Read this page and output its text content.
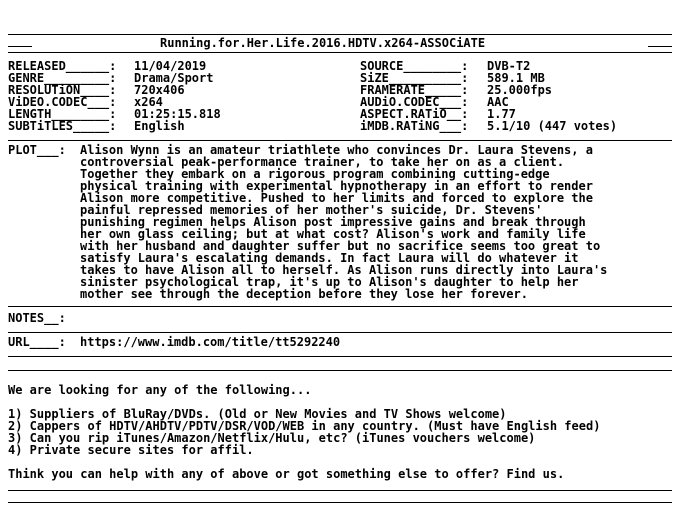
Running.for.Her.Life.2016.HDTV.x264-ASSOCiATE
RELEASED______: 11/04/2019
GENRE_________: Drama/Sport
RESOLUTiON____: 720x406
ViDEO.CODEC___: x264
LENGTH________: 01:25:15.818
SUBTiTLES_____: English
SOURCE________: DVB-T2
SiZE__________: 589.1 MB
FRAMERATE_____: 25.000fps
AUDiO.CODEC___: AAC
ASPECT.RATiO__: 1.77
iMDB.RATiNG___: 5.1/10 (447 votes)
PLOT___: Alison Wynn is an amateur triathlete who convinces Dr. Laura Stevens, a
controversial peak-performance trainer, to take her on as a client.
Together they embark on a rigorous program combining cutting-edge
physical training with experimental hypnotherapy in an effort to render
Alison more competitive. Pushed to her limits and forced to explore the
painful repressed memories of her mother's suicide, Dr. Stevens'
punishing regimen helps Alison post impressive gains and break through
her own glass ceiling; but at what cost? Alison's work and family life
with her husband and daughter suffer but no sacrifice seems too great to
satisfy Laura's escalating demands. In fact Laura will do whatever it
takes to have Alison all to herself. As Alison runs directly into Laura's
sinister psychological trap, it's up to Alison's daughter to help her
mother see through the deception before they lose her forever.
NOTES__:
URL____: https://www.imdb.com/title/tt5292240
We are looking for any of the following...
1) Suppliers of BluRay/DVDs. (Old or New Movies and TV Shows welcome)
2) Cappers of HDTV/AHDTV/PDTV/DSR/VOD/WEB in any country. (Must have English feed)
3) Can you rip iTunes/Amazon/Netflix/Hulu, etc? (iTunes vouchers welcome)
4) Private secure sites for affil.
Think you can help with any of above or got something else to offer? Find us.
